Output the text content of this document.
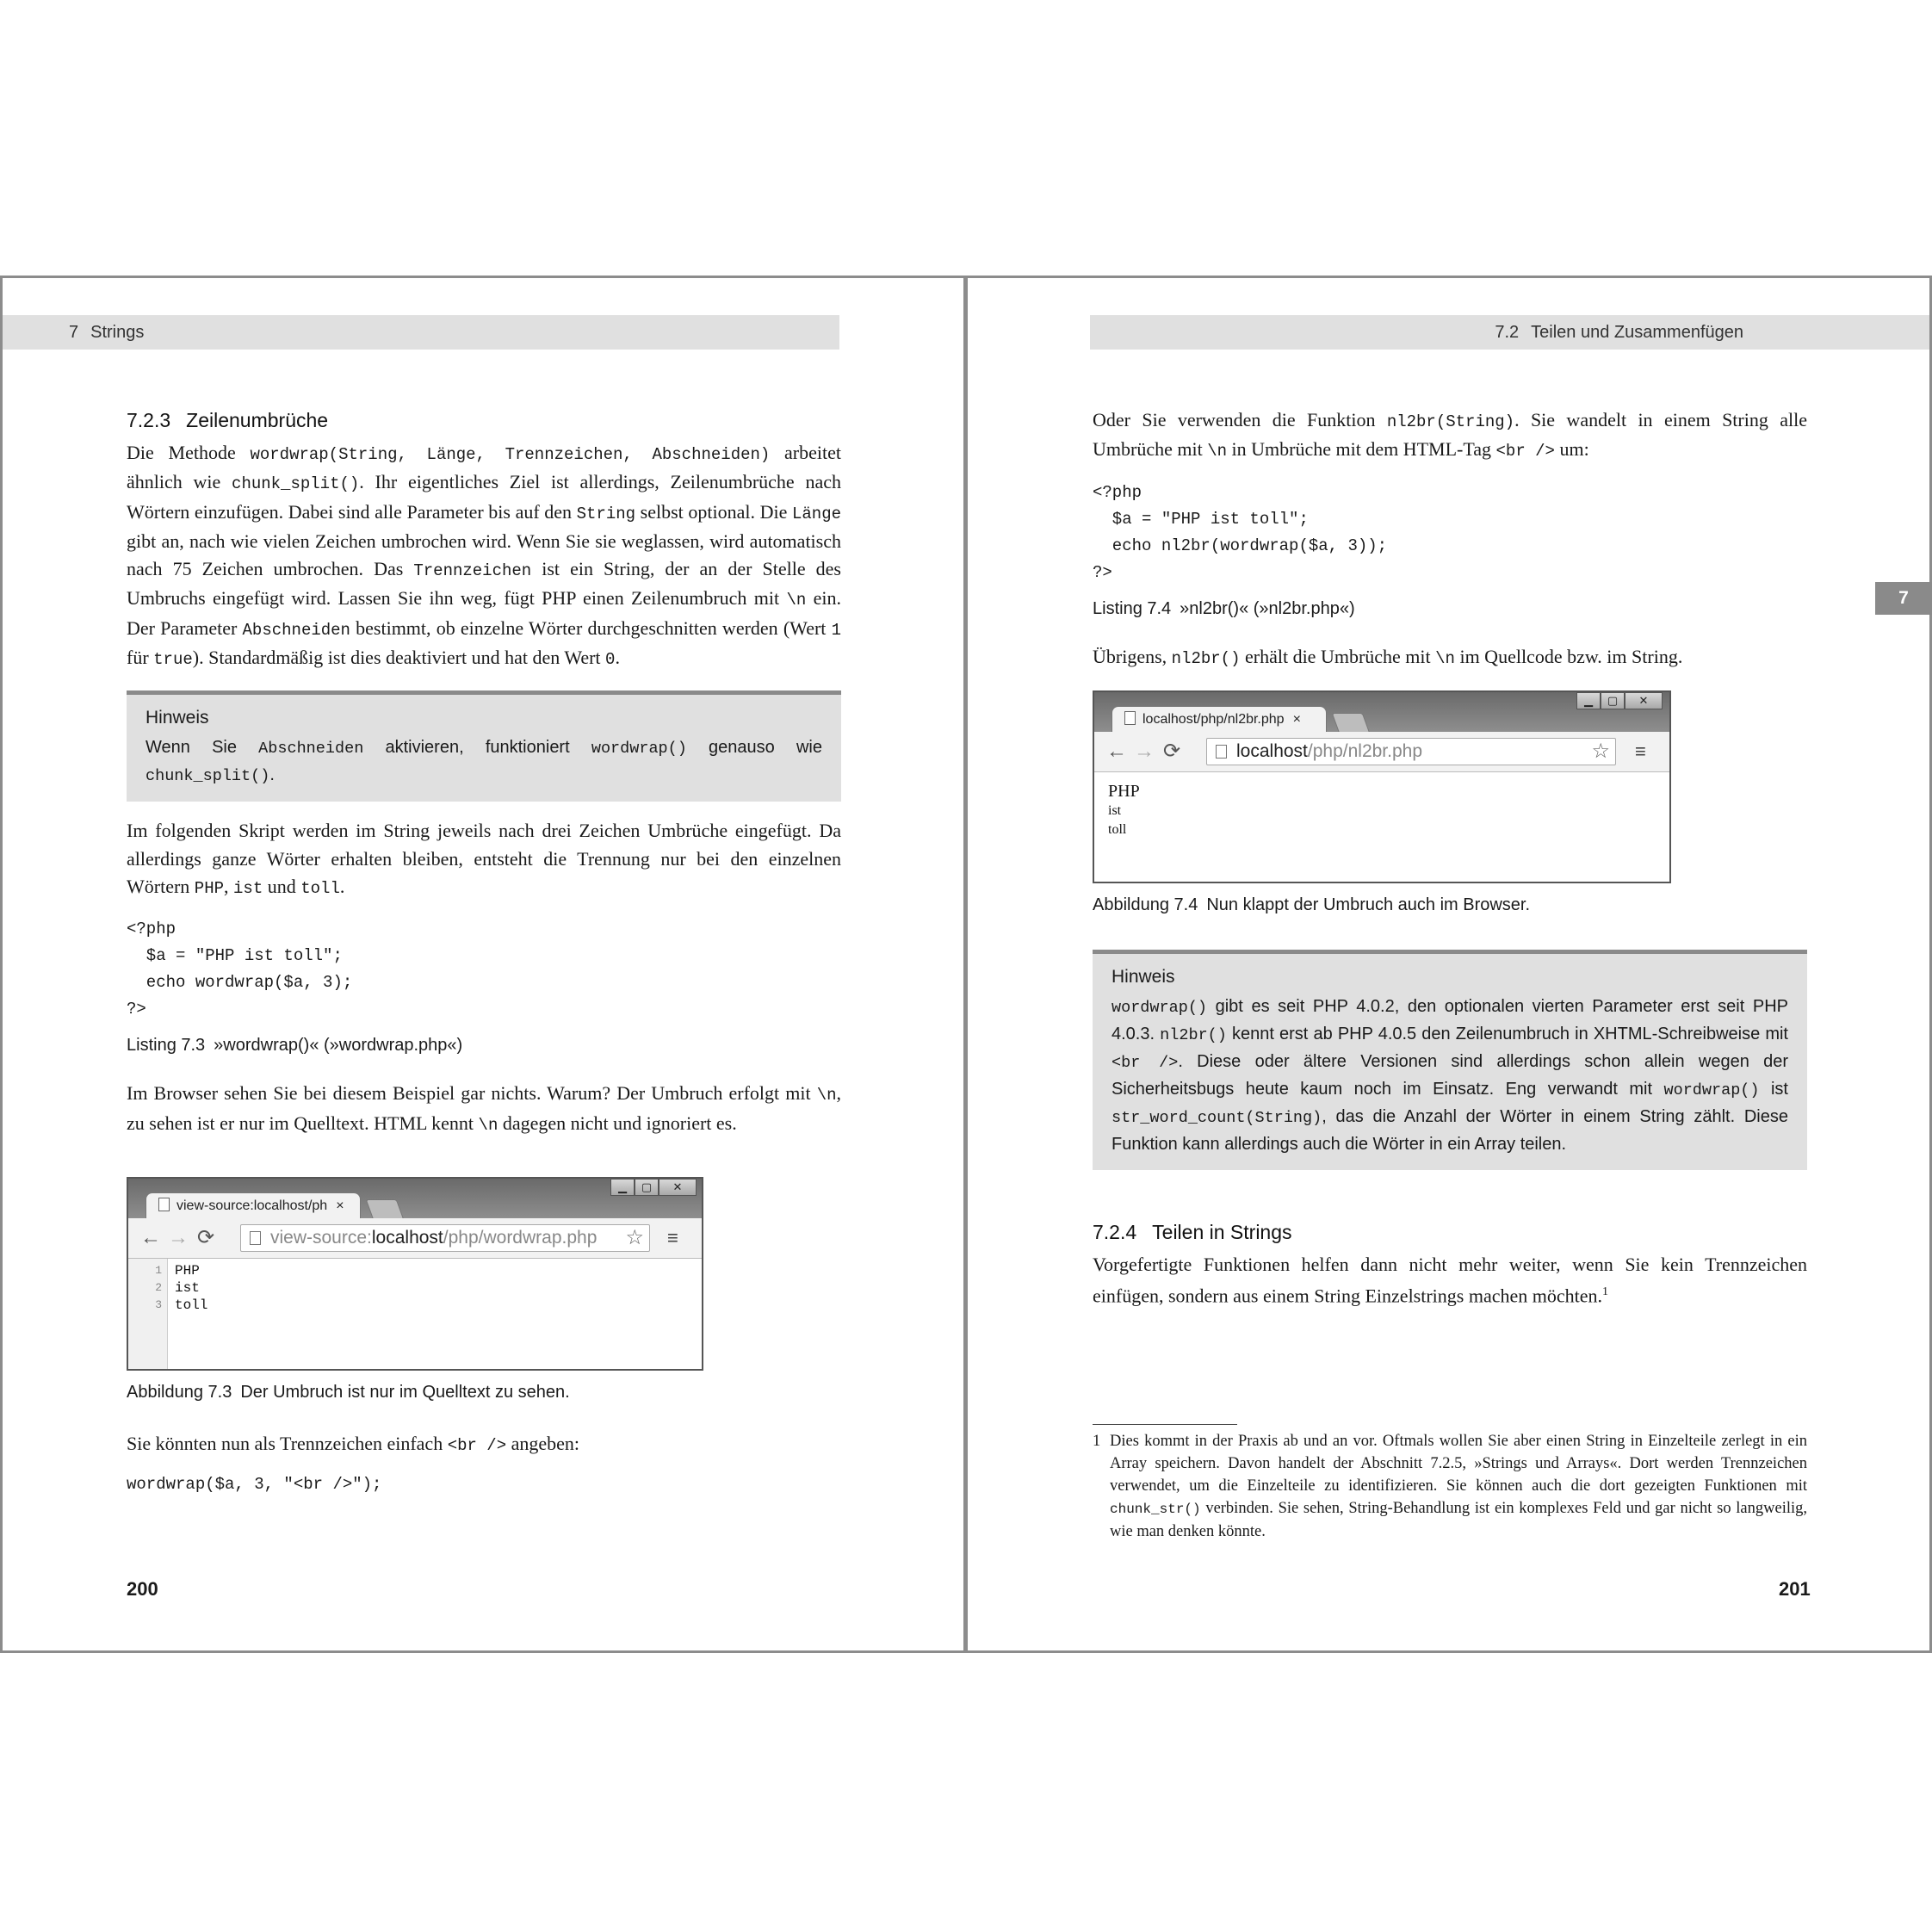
7 Strings
7.2.3 Zeilenumbrüche

Die Methode wordwrap(String, Länge, Trennzeichen, Abschneiden) arbeitet ähnlich wie chunk_split(). Ihr eigentliches Ziel ist allerdings, Zeilenumbrüche nach Wörtern einzufügen. Dabei sind alle Parameter bis auf den String selbst optional. Die Länge gibt an, nach wie vielen Zeichen umbrochen wird. Wenn Sie sie weglassen, wird automatisch nach 75 Zeichen umbrochen. Das Trennzeichen ist ein String, der an der Stelle des Umbruchs eingefügt wird. Lassen Sie ihn weg, fügt PHP einen Zeilenumbruch mit \n ein. Der Parameter Abschneiden bestimmt, ob einzelne Wörter durchgeschnitten werden (Wert 1 für true). Standardmäßig ist dies deaktiviert und hat den Wert 0.

Hinweis
Wenn Sie Abschneiden aktivieren, funktioniert wordwrap() genauso wie chunk_split().

Im folgenden Skript werden im String jeweils nach drei Zeichen Umbrüche eingefügt. Da allerdings ganze Wörter erhalten bleiben, entsteht die Trennung nur bei den einzelnen Wörtern PHP, ist und toll.

<?php
$a = "PHP ist toll";
echo wordwrap($a, 3);
?>
Listing 7.3 »wordwrap()« (»wordwrap.php«)

Im Browser sehen Sie bei diesem Beispiel gar nichts. Warum? Der Umbruch erfolgt mit \n, zu sehen ist er nur im Quelltext. HTML kennt \n dagegen nicht und ignoriert es.

view-source:localhost/ph ×
▁	▢	✕
← → ⟳	view-source:localhost/php/wordwrap.php ☆ ≡
1
2
3
PHP
ist
toll
Abbildung 7.3 Der Umbruch ist nur im Quelltext zu sehen.

Sie könnten nun als Trennzeichen einfach <br /> angeben:

wordwrap($a, 3, "<br />");
200
7.2 Teilen und Zusammenfügen
7

Oder Sie verwenden die Funktion nl2br(String). Sie wandelt in einem String alle Umbrüche mit \n in Umbrüche mit dem HTML-Tag <br /> um:

<?php
$a = "PHP ist toll";
echo nl2br(wordwrap($a, 3));
?>
Listing 7.4 »nl2br()« (»nl2br.php«)

Übrigens, nl2br() erhält die Umbrüche mit \n im Quellcode bzw. im String.

localhost/php/nl2br.php ×
▁	▢	✕
← → ⟳	localhost/php/nl2br.php	☆ ≡
PHP
ist
toll
Abbildung 7.4 Nun klappt der Umbruch auch im Browser.
Hinweis
wordwrap() gibt es seit PHP 4.0.2, den optionalen vierten Parameter erst seit PHP 4.0.3. nl2br() kennt erst ab PHP 4.0.5 den Zeilenumbruch in XHTML-Schreibweise mit <br />. Diese oder ältere Versionen sind allerdings schon allein wegen der Sicherheitsbugs heute kaum noch im Einsatz. Eng verwandt mit wordwrap() ist str_word_count(String), das die Anzahl der Wörter in einem String zählt. Diese Funktion kann allerdings auch die Wörter in ein Array teilen.
7.2.4 Teilen in Strings

Vorgefertigte Funktionen helfen dann nicht mehr weiter, wenn Sie kein Trennzeichen einfügen, sondern aus einem String Einzelstrings machen möchten.$^1$

1 Dies kommt in der Praxis ab und an vor. Oftmals wollen Sie aber einen String in Einzelteile zerlegt in ein Array speichern. Davon handelt der Abschnitt 7.2.5, »Strings und Arrays«. Dort werden Trennzeichen verwendet, um die Einzelteile zu identifizieren. Sie können auch die dort gezeigten Funktionen mit chunk_str() verbinden. Sie sehen, String-Behandlung ist ein komplexes Feld und gar nicht so langweilig, wie man denken könnte.
201
